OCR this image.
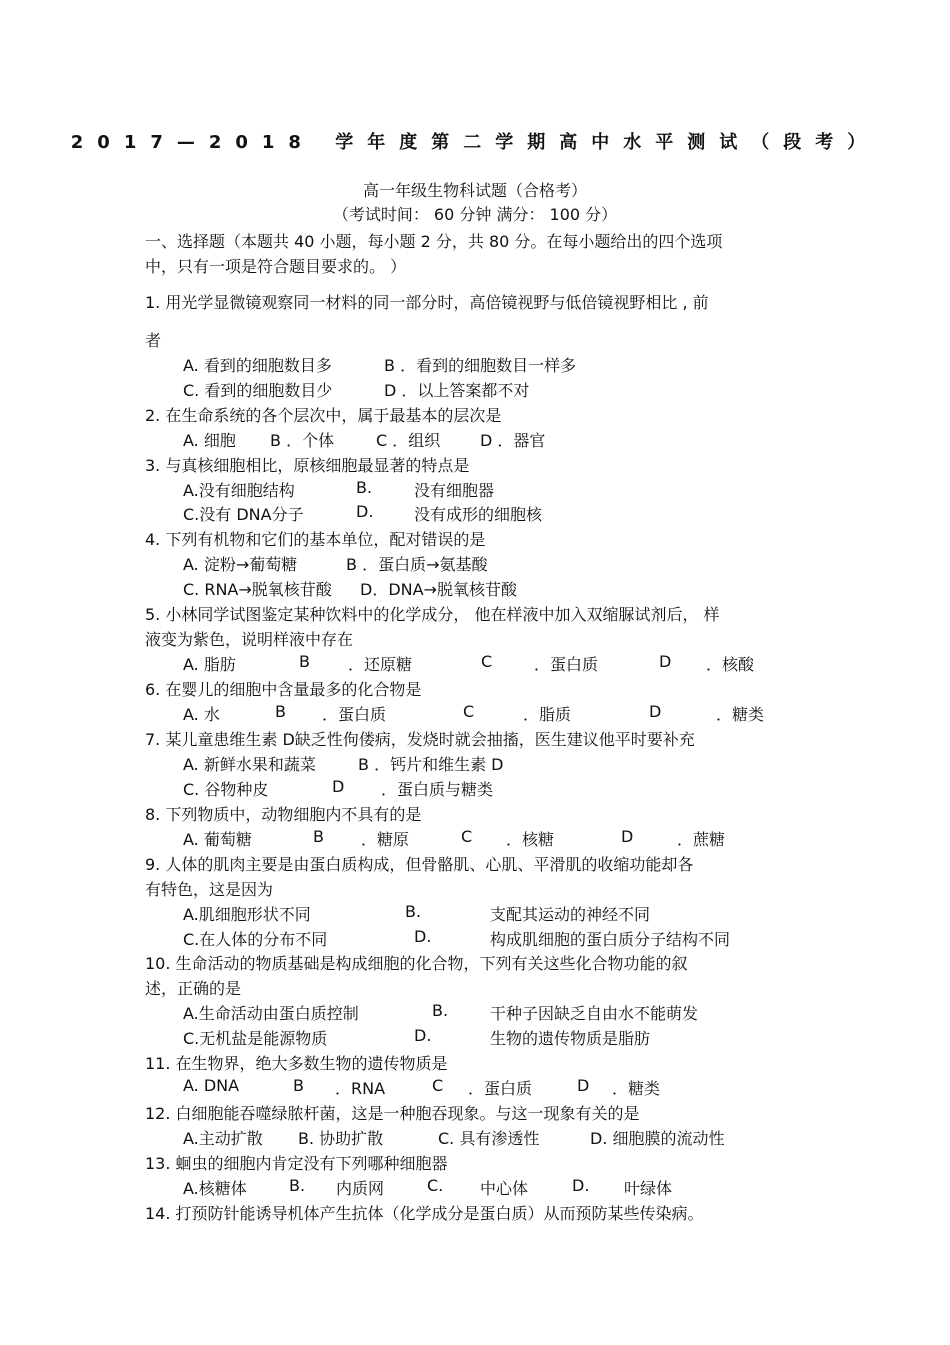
2017—2018 学年度第二学期高中水平测试（段考）
高一年级生物科试题（合格考）
（考试时间： 60 分钟 满分： 100 分）
一、选择题（本题共 40 小题，每小题 2 分，共 80 分。在每小题给出的四个选项
中，只有一项是符合题目要求的。 ）
1. 用光学显微镜观察同一材料的同一部分时，高倍镜视野与低倍镜视野相比 , 前
者
A. 看到的细胞数目多	B ．看到的细胞数目一样多
C. 看到的细胞数目少	D ．以上答案都不对
2. 在生命系统的各个层次中，属于最基本的层次是
A. 细胞 B ．个体	C ．组织 D ．器官
3. 与真核细胞相比，原核细胞最显著的特点是
A.没有细胞结构	B.	没有细胞器
C.没有 DNA分子	D.	没有成形的细胞核
4. 下列有机物和它们的基本单位，配对错误的是
A. 淀粉→葡萄糖	B ．蛋白质→氨基酸
C. RNA→脱氧核苷酸 D．DNA→脱氧核苷酸
5. 小林同学试图鉴定某种饮料中的化学成分， 他在样液中加入双缩脲试剂后， 样
液变为紫色，说明样液中存在
A. 脂肪	B ．还原糖	C	．蛋白质	D ．核酸
6. 在婴儿的细胞中含量最多的化合物是
A. 水	B ．蛋白质	C	．脂质	D	．糖类
7. 某儿童患维生素 D缺乏性佝偻病，发烧时就会抽搐，医生建议他平时要补充
A. 新鲜水果和蔬菜	B ．钙片和维生素 D
C. 谷物种皮	D ．蛋白质与糖类
8. 下列物质中，动物细胞内不具有的是
A. 葡萄糖	B ．糖原	C ．核糖	D	．蔗糖
9. 人体的肌肉主要是由蛋白质构成，但骨骼肌、心肌、平滑肌的收缩功能却各
有特色，这是因为
A.肌细胞形状不同	B.	支配其运动的神经不同
C.在人体的分布不同	D.	构成肌细胞的蛋白质分子结构不同
10. 生命活动的物质基础是构成细胞的化合物，下列有关这些化合物功能的叙
述，正确的是
A.生命活动由蛋白质控制	B.	干种子因缺乏自由水不能萌发
C.无机盐是能源物质	D.	生物的遗传物质是脂肪
11. 在生物界，绝大多数生物的遗传物质是
A. DNA	B ．RNA	C ．蛋白质	D ．糖类
12. 白细胞能吞噬绿脓杆菌，这是一种胞吞现象。与这一现象有关的是
A.主动扩散 B. 协助扩散	C. 具有渗透性	D. 细胞膜的流动性
13. 蛔虫的细胞内肯定没有下列哪种细胞器
A.核糖体	B. 内质网	C. 中心体	D. 叶绿体
14. 打预防针能诱导机体产生抗体（化学成分是蛋白质）从而预防某些传染病。
